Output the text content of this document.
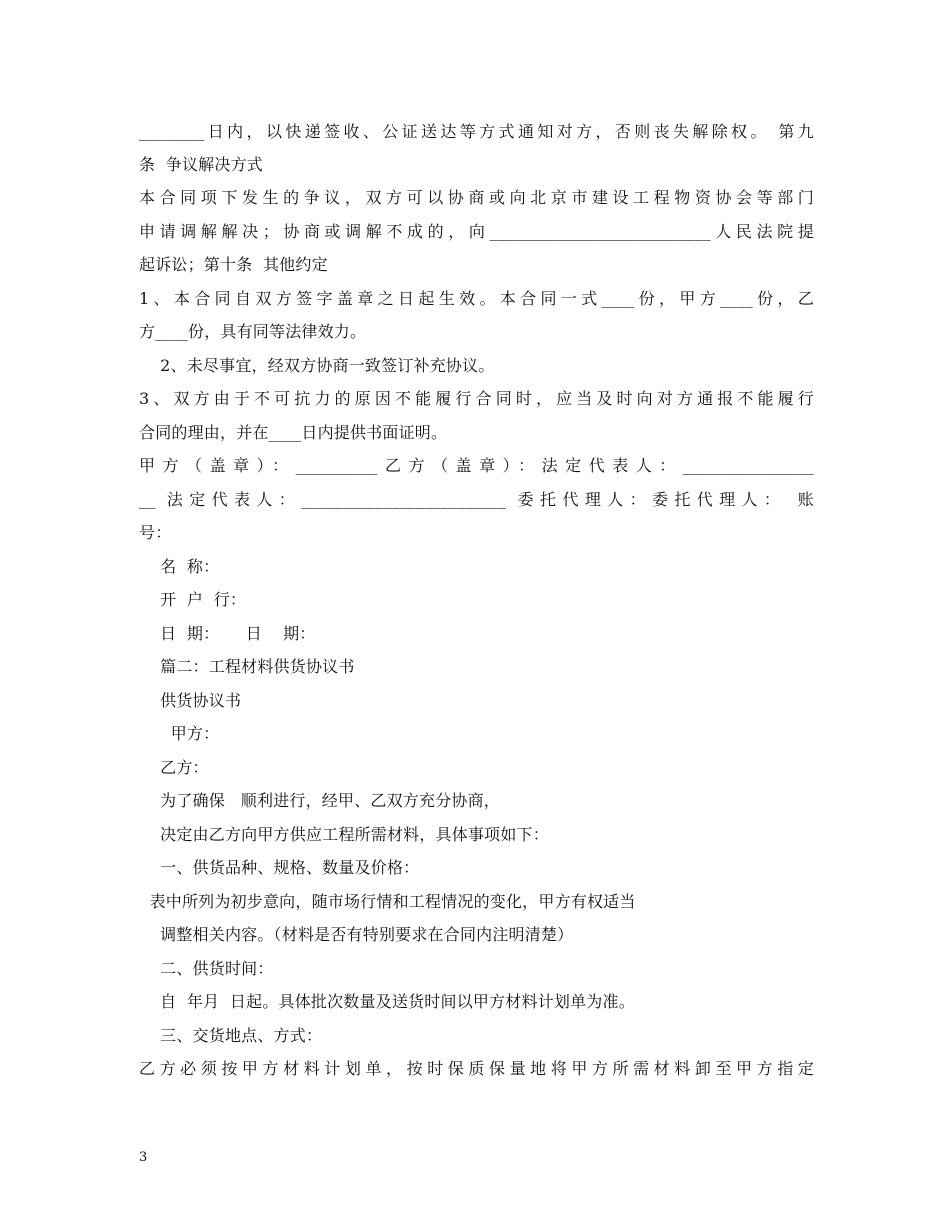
________日内，以快递签收、公证送达等方式通知对方，否则丧失解除权。 第九
条  争议解决方式
本合同项下发生的争议，双方可以协商或向北京市建设工程物资协会等部门
申请调解解决；协商或调解不成的，向___________________________人民法院提
起诉讼；第十条  其他约定
1、本合同自双方签字盖章之日起生效。本合同一式____份，甲方____份，乙
方____份，具有同等法律效力。
2、未尽事宜，经双方协商一致签订补充协议。
3、双方由于不可抗力的原因不能履行合同时，应当及时向对方通报不能履行
合同的理由，并在____日内提供书面证明。
甲方（盖章）：__________乙方（盖章）：法定代表人：________________
__ 法定代表人：_________________________ 委托代理人：委托代理人： 账
号：
名  称：
开  户  行：
日  期：     日    期：
篇二：工程材料供货协议书
供货协议书
甲方：
乙方：
为了确保   顺利进行，经甲、乙双方充分协商，
决定由乙方向甲方供应工程所需材料，具体事项如下：
一、供货品种、规格、数量及价格：
表中所列为初步意向，随市场行情和工程情况的变化，甲方有权适当
调整相关内容。（材料是否有特别要求在合同内注明清楚）
二、供货时间：
自  年月  日起。具体批次数量及送货时间以甲方材料计划单为准。
三、交货地点、方式：
乙方必须按甲方材料计划单，按时保质保量地将甲方所需材料卸至甲方指定
3
